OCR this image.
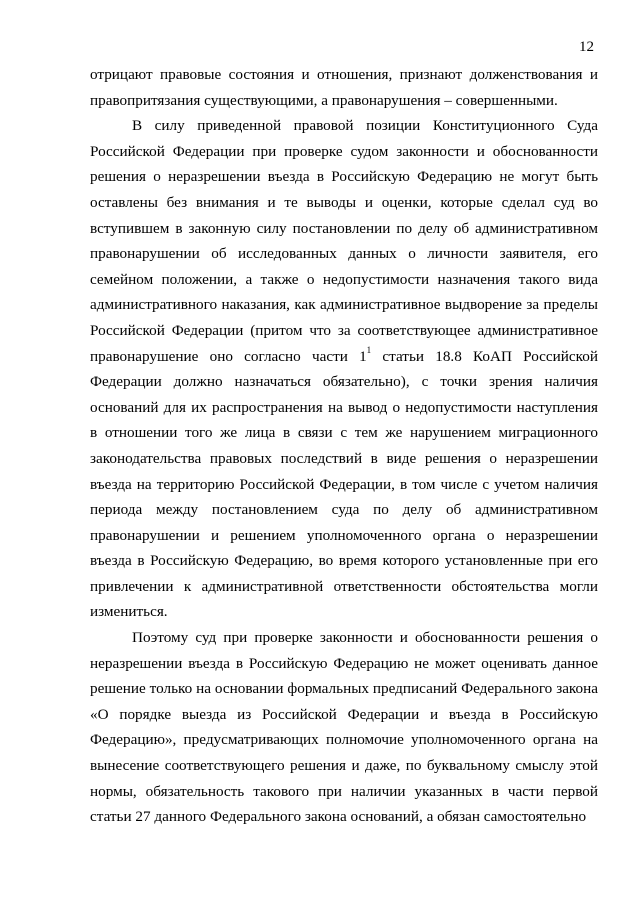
12

отрицают правовые состояния и отношения, признают долженствования и правопритязания существующими, а правонарушения – совершенными.

В силу приведенной правовой позиции Конституционного Суда Российской Федерации при проверке судом законности и обоснованности решения о неразрешении въезда в Российскую Федерацию не могут быть оставлены без внимания и те выводы и оценки, которые сделал суд во вступившем в законную силу постановлении по делу об административном правонарушении об исследованных данных о личности заявителя, его семейном положении, а также о недопустимости назначения такого вида административного наказания, как административное выдворение за пределы Российской Федерации (притом что за соответствующее административное правонарушение оно согласно части $1^1$ статьи 18.8 КоАП Российской Федерации должно назначаться обязательно), с точки зрения наличия оснований для их распространения на вывод о недопустимости наступления в отношении того же лица в связи с тем же нарушением миграционного законодательства правовых последствий в виде решения о неразрешении въезда на территорию Российской Федерации, в том числе с учетом наличия периода между постановлением суда по делу об административном правонарушении и решением уполномоченного органа о неразрешении въезда в Российскую Федерацию, во время которого установленные при его привлечении к административной ответственности обстоятельства могли измениться.

Поэтому суд при проверке законности и обоснованности решения о неразрешении въезда в Российскую Федерацию не может оценивать данное решение только на основании формальных предписаний Федерального закона «О порядке выезда из Российской Федерации и въезда в Российскую Федерацию», предусматривающих полномочие уполномоченного органа на вынесение соответствующего решения и даже, по буквальному смыслу этой нормы, обязательность такового при наличии указанных в части первой статьи 27 данного Федерального закона оснований, а обязан самостоятельно
